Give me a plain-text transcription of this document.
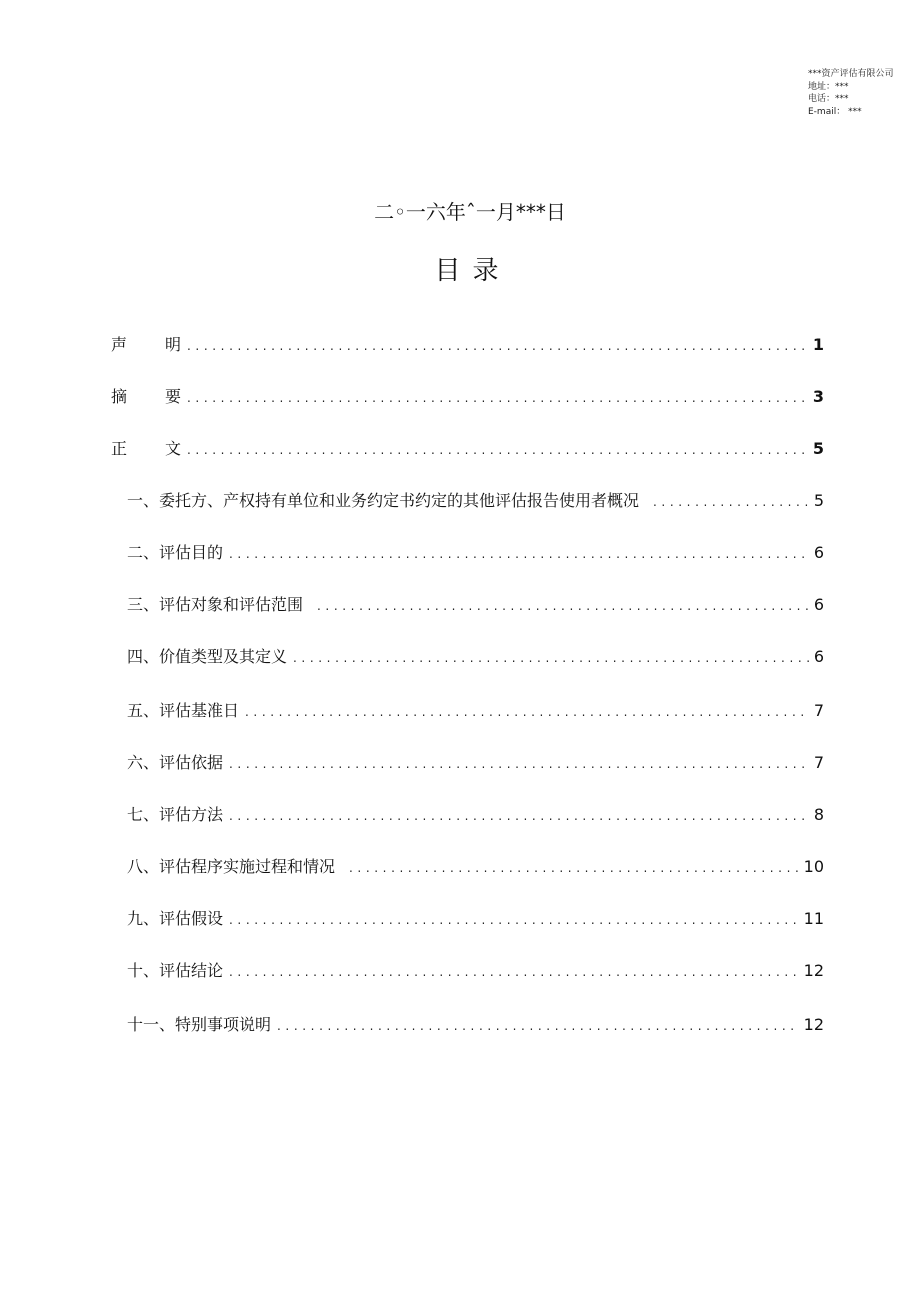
***资产评估有限公司
地址：***
电话：***
E-mail： ***
二◦一六年ˆ一月***日
目录
声 明 .....	1
摘 要 .....	3
正 文 .....	5
一、委托方、产权持有单位和业务约定书约定的其他评估报告使用者概况 .....	5
二、评估目的 .....	6
三、评估对象和评估范围 .....	6
四、价值类型及其定义 .....	6
五、评估基准日 .....	7
六、评估依据 .....	7
七、评估方法 .....	8
八、评估程序实施过程和情况 .....	10
九、评估假设 .....	11
十、评估结论 .....	12
十一、特别事项说明 .....	12
